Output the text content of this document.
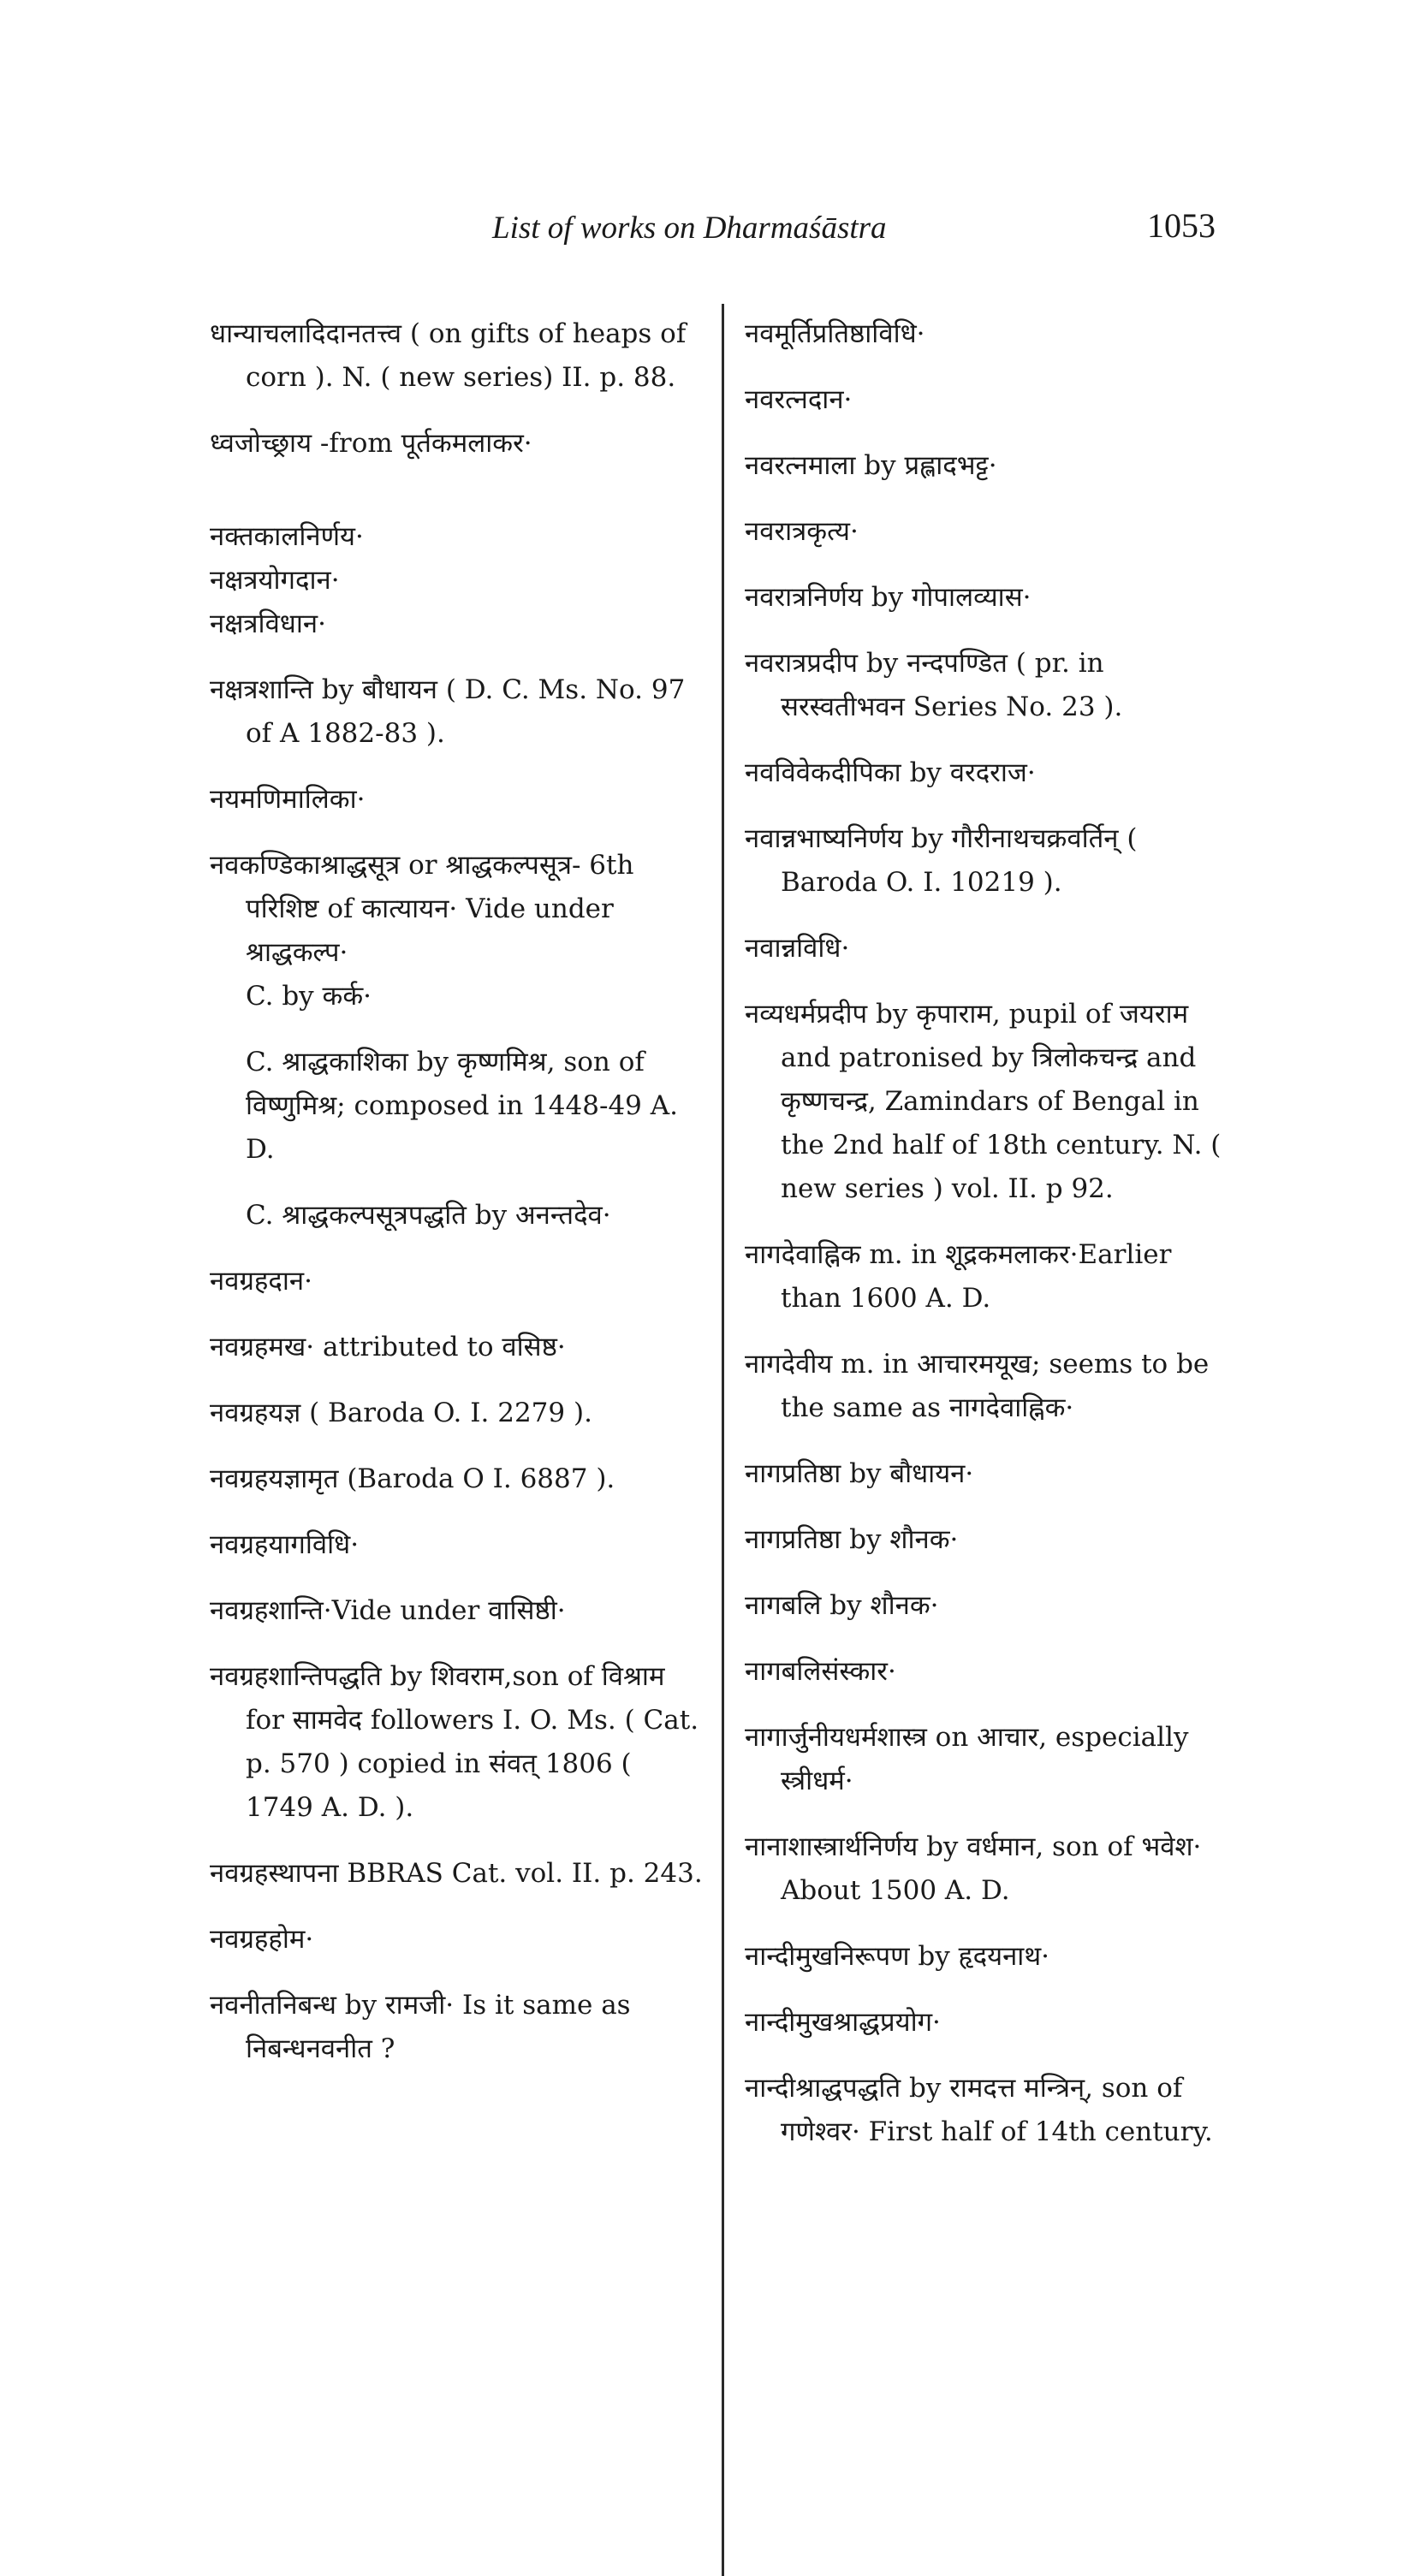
List of works on Dharmaśāstra	1053
धान्याचलादिदानतत्त्व ( on gifts of heaps of corn ). N. ( new series) II. p. 88.
ध्वजोच्छ्राय -from पूर्तकमलाकर·
नक्तकालनिर्णय·
नक्षत्रयोगदान·
नक्षत्रविधान·
नक्षत्रशान्ति by बौधायन ( D. C. Ms. No. 97 of A 1882-83 ).
नयमणिमालिका·
नवकण्डिकाश्राद्धसूत्र or श्राद्धकल्पसूत्र- 6th परिशिष्ट of कात्यायन· Vide under श्राद्धकल्प·
C. by कर्क·
C. श्राद्धकाशिका by कृष्णमिश्र, son of विष्णुमिश्र; composed in 1448-49 A. D.
C. श्राद्धकल्पसूत्रपद्धति by अनन्तदेव·
नवग्रहदान·
नवग्रहमख· attributed to वसिष्ठ·
नवग्रहयज्ञ ( Baroda O. I. 2279 ).
नवग्रहयज्ञामृत (Baroda O I. 6887 ).
नवग्रहयागविधि·
नवग्रहशान्ति·Vide under वासिष्ठी·
नवग्रहशान्तिपद्धति by शिवराम,son of विश्राम for सामवेद followers I. O. Ms. ( Cat. p. 570 ) copied in संवत् 1806 ( 1749 A. D. ).
नवग्रहस्थापना BBRAS Cat. vol. II. p. 243.
नवग्रहहोम·
नवनीतनिबन्ध by रामजी· Is it same as निबन्धनवनीत ?
नवमूर्तिप्रतिष्ठाविधि·
नवरत्नदान·
नवरत्नमाला by प्रह्लादभट्ट·
नवरात्रकृत्य·
नवरात्रनिर्णय by गोपालव्यास·
नवरात्रप्रदीप by नन्दपण्डित ( pr. in सरस्वतीभवन Series No. 23 ).
नवविवेकदीपिका by वरदराज·
नवान्नभाष्यनिर्णय by गौरीनाथचक्रवर्तिन् ( Baroda O. I. 10219 ).
नवान्नविधि·
नव्यधर्मप्रदीप by कृपाराम, pupil of जयराम and patronised by त्रिलोकचन्द्र and कृष्णचन्द्र, Zamindars of Bengal in the 2nd half of 18th century. N. ( new series ) vol. II. p 92.
नागदेवाह्निक m. in शूद्रकमलाकर·Earlier than 1600 A. D.
नागदेवीय m. in आचारमयूख; seems to be the same as नागदेवाह्निक·
नागप्रतिष्ठा by बौधायन·
नागप्रतिष्ठा by शौनक·
नागबलि by शौनक·
नागबलिसंस्कार·
नागार्जुनीयधर्मशास्त्र on आचार, especially स्त्रीधर्म·
नानाशास्त्रार्थनिर्णय by वर्धमान, son of भवेश· About 1500 A. D.
नान्दीमुखनिरूपण by हृदयनाथ·
नान्दीमुखश्राद्धप्रयोग·
नान्दीश्राद्धपद्धति by रामदत्त मन्त्रिन्, son of गणेश्वर· First half of 14th century.
